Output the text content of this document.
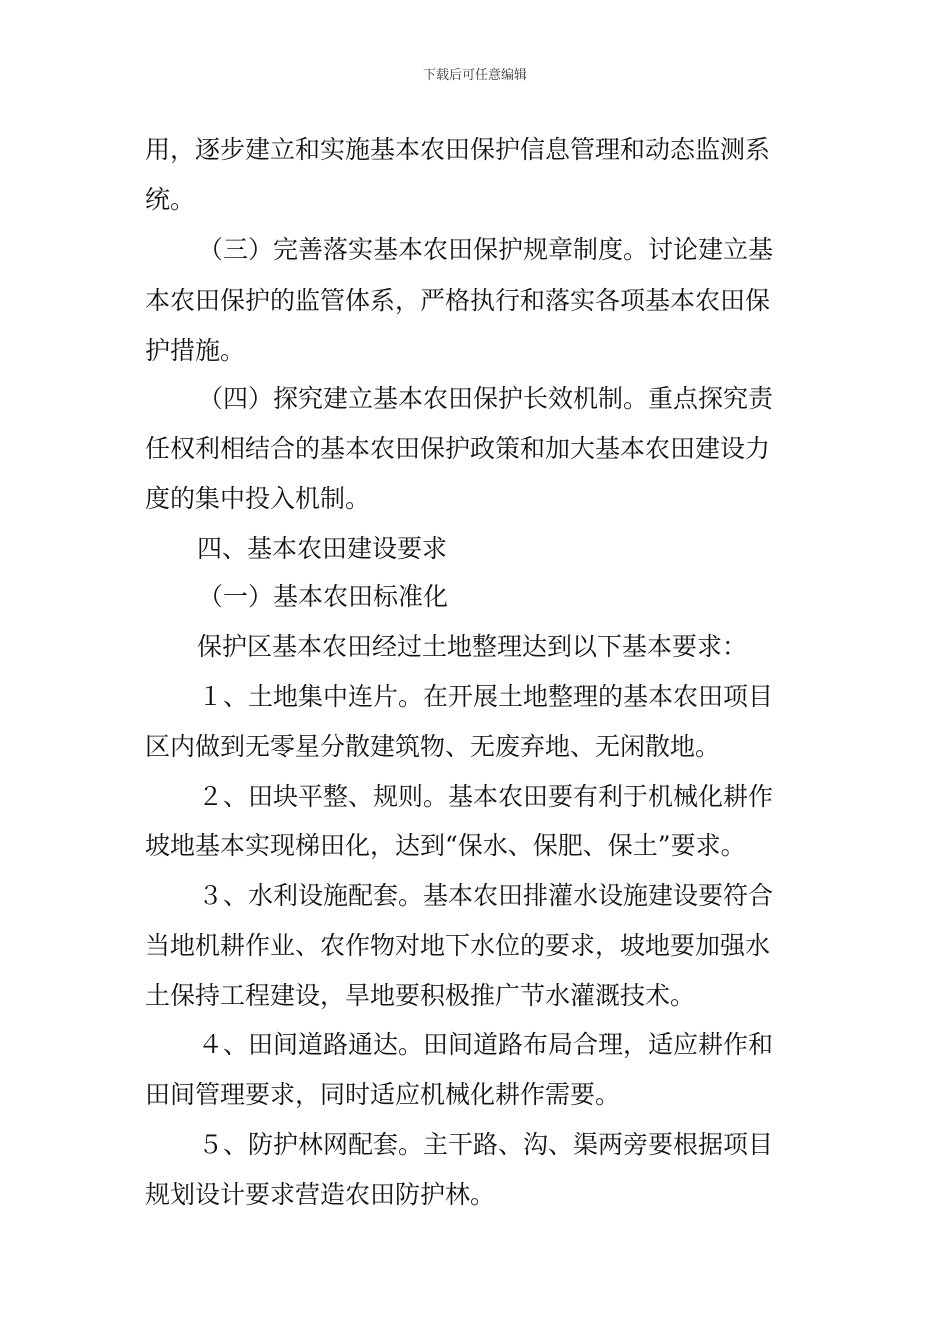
下载后可任意编辑
用，逐步建立和实施基本农田保护信息管理和动态监测系
统。
（三）完善落实基本农田保护规章制度。讨论建立基
本农田保护的监管体系，严格执行和落实各项基本农田保
护措施。
（四）探究建立基本农田保护长效机制。重点探究责
任权利相结合的基本农田保护政策和加大基本农田建设力
度的集中投入机制。
四、基本农田建设要求
（一）基本农田标准化
保护区基本农田经过土地整理达到以下基本要求：
１、土地集中连片。在开展土地整理的基本农田项目
区内做到无零星分散建筑物、无废弃地、无闲散地。
２、田块平整、规则。基本农田要有利于机械化耕作
坡地基本实现梯田化，达到“保水、保肥、保土”要求。
３、水利设施配套。基本农田排灌水设施建设要符合
当地机耕作业、农作物对地下水位的要求，坡地要加强水
土保持工程建设，旱地要积极推广节水灌溉技术。
４、田间道路通达。田间道路布局合理，适应耕作和
田间管理要求，同时适应机械化耕作需要。
５、防护林网配套。主干路、沟、渠两旁要根据项目
规划设计要求营造农田防护林。
